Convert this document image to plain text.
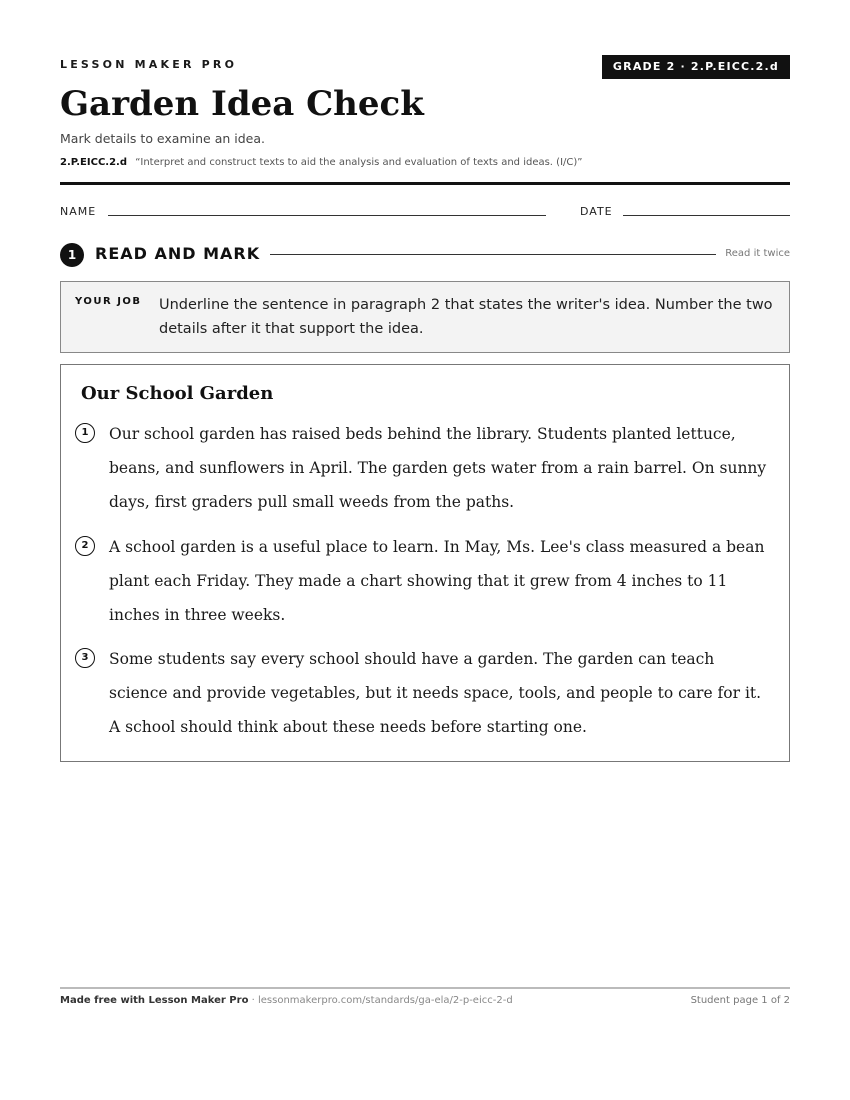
LESSON MAKER PRO	GRADE 2 · 2.P.EICC.2.d
Garden Idea Check
Mark details to examine an idea.
2.P.EICC.2.d “Interpret and construct texts to aid the analysis and evaluation of texts and ideas. (I/C)”
NAME	DATE
1	READ AND MARK	Read it twice
YOUR JOB Underline the sentence in paragraph 2 that states the writer's idea. Number the two details after it that support the idea.
Our School Garden
1	Our school garden has raised beds behind the library. Students planted lettuce, beans, and sunflowers in April. The garden gets water from a rain barrel. On sunny days, first graders pull small weeds from the paths.
2	A school garden is a useful place to learn. In May, Ms. Lee's class measured a bean plant each Friday. They made a chart showing that it grew from 4 inches to 11 inches in three weeks.
3	Some students say every school should have a garden. The garden can teach science and provide vegetables, but it needs space, tools, and people to care for it. A school should think about these needs before starting one.
Made free with Lesson Maker Pro · lessonmakerpro.com/standards/ga-ela/2-p-eicc-2-d	Student page 1 of 2
